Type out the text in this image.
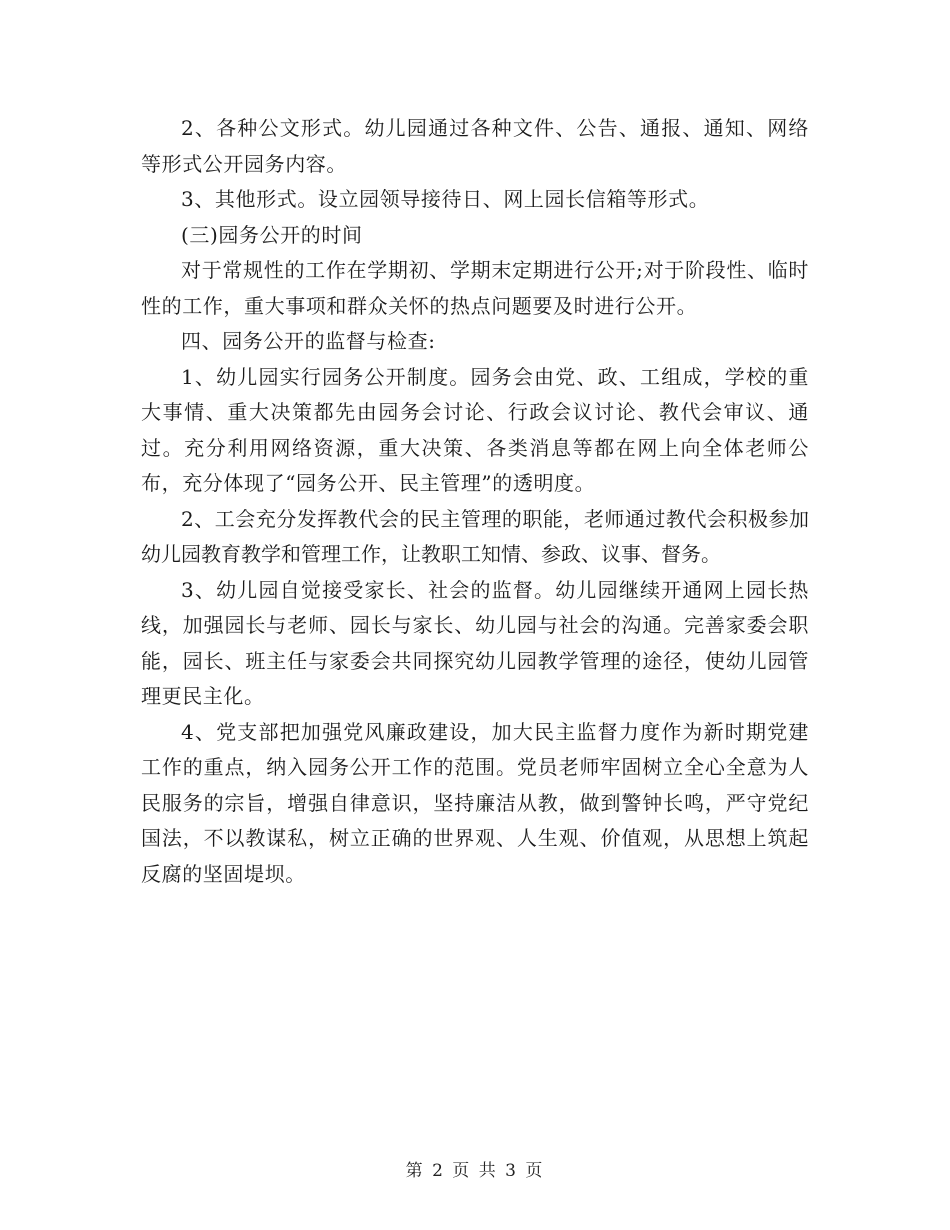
2、各种公文形式。幼儿园通过各种文件、公告、通报、通知、网络等形式公开园务内容。

3、其他形式。设立园领导接待日、网上园长信箱等形式。

(三)园务公开的时间

对于常规性的工作在学期初、学期末定期进行公开;对于阶段性、临时性的工作，重大事项和群众关怀的热点问题要及时进行公开。

四、园务公开的监督与检查:

1、幼儿园实行园务公开制度。园务会由党、政、工组成，学校的重大事情、重大决策都先由园务会讨论、行政会议讨论、教代会审议、通过。充分利用网络资源，重大决策、各类消息等都在网上向全体老师公布，充分体现了“园务公开、民主管理”的透明度。

2、工会充分发挥教代会的民主管理的职能，老师通过教代会积极参加幼儿园教育教学和管理工作，让教职工知情、参政、议事、督务。

3、幼儿园自觉接受家长、社会的监督。幼儿园继续开通网上园长热线，加强园长与老师、园长与家长、幼儿园与社会的沟通。完善家委会职能，园长、班主任与家委会共同探究幼儿园教学管理的途径，使幼儿园管理更民主化。

4、党支部把加强党风廉政建设，加大民主监督力度作为新时期党建工作的重点，纳入园务公开工作的范围。党员老师牢固树立全心全意为人民服务的宗旨，增强自律意识，坚持廉洁从教，做到警钟长鸣，严守党纪国法，不以教谋私，树立正确的世界观、人生观、价值观，从思想上筑起反腐的坚固堤坝。

第 2 页 共 3 页
